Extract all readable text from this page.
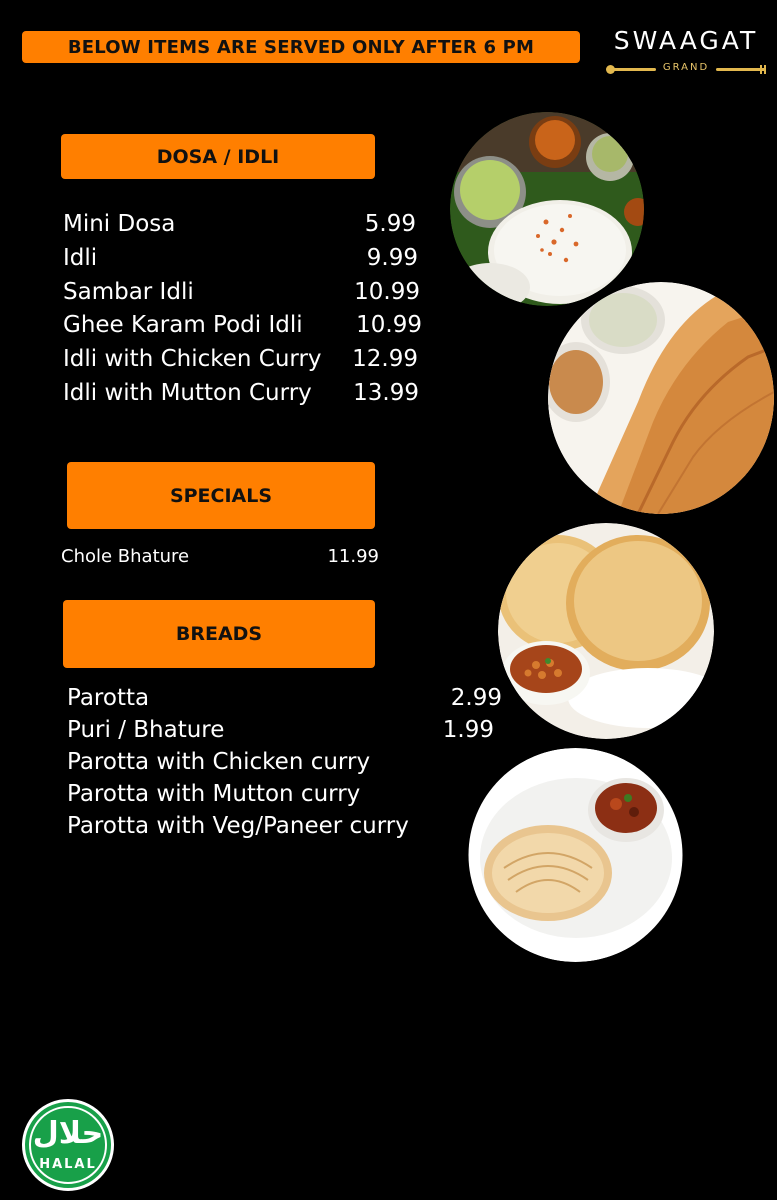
BELOW ITEMS ARE SERVED ONLY AFTER 6 PM	SWAAGAT
GRAND
DOSA / IDLI
Mini Dosa	5.99
Idli	9.99
Sambar Idli	10.99
Ghee Karam Podi Idli	10.99
Idli with Chicken Curry	12.99
Idli with Mutton Curry	13.99
SPECIALS
Chole Bhature	11.99
BREADS
Parotta	2.99
Puri / Bhature	1.99
Parotta with Chicken curry
Parotta with Mutton curry
Parotta with Veg/Paneer curry
حلال
HALAL
